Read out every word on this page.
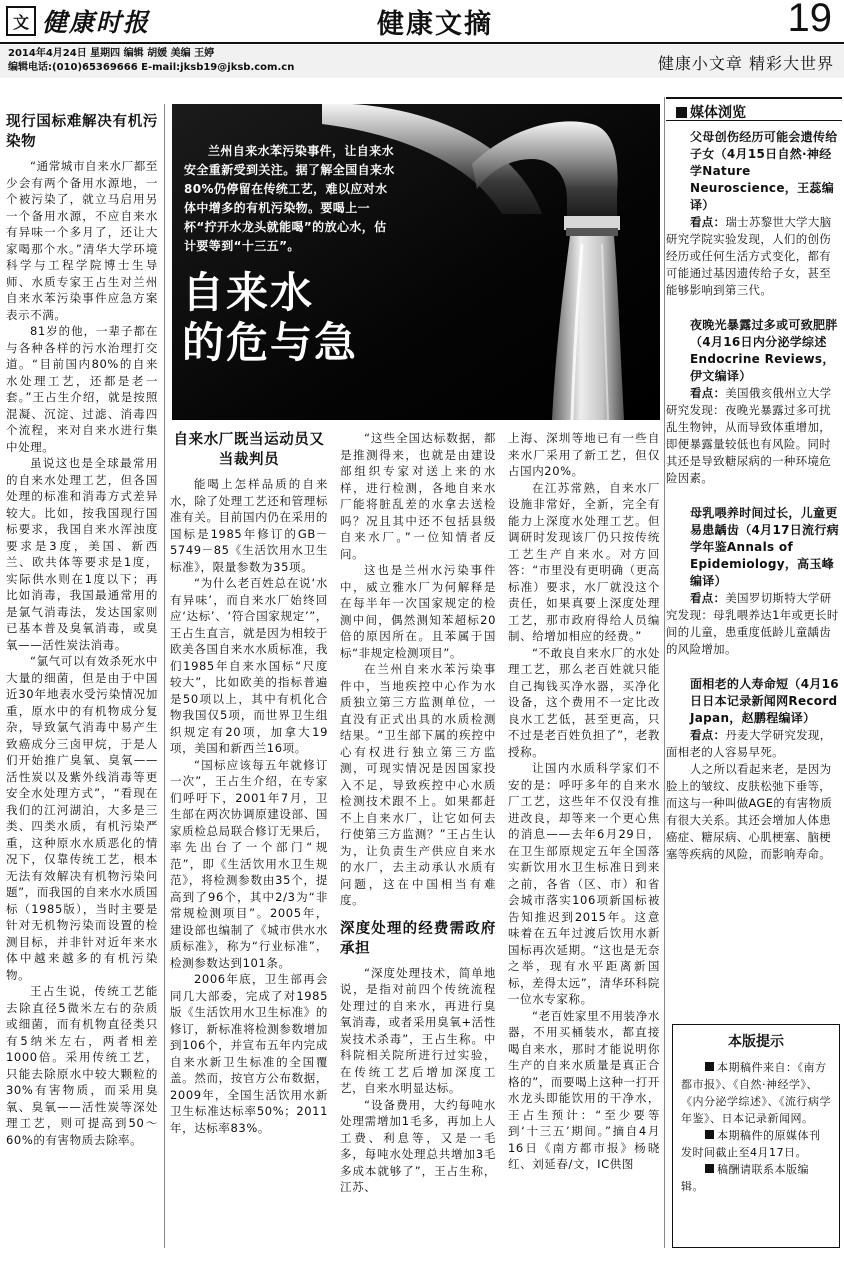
文 健康时报	健康文摘	19
2014年4月24日 星期四 编辑 胡媛 美编 王婷
编辑电话:(010)65369666 E-mail:jksb19@jksb.com.cn	健康小文章 精彩大世界
兰州自来水苯污染事件，让自来水安全重新受到关注。据了解全国自来水80%仍停留在传统工艺，难以应对水体中增多的有机污染物。要喝上一杯“拧开水龙头就能喝”的放心水，估计要等到“十三五”。
自来水
的危与急

现行国标难解决有机污染物

“通常城市自来水厂都至少会有两个备用水源地，一个被污染了，就立马启用另一个备用水源，不应自来水有异味一个多月了，还让大家喝那个水。”清华大学环境科学与工程学院博士生导师、水质专家王占生对兰州自来水苯污染事件应急方案表示不满。

81岁的他，一辈子都在与各种各样的污水治理打交道。“目前国内80%的自来水处理工艺，还都是老一套。”王占生介绍，就是按照混凝、沉淀、过滤、消毒四个流程，来对自来水进行集中处理。

虽说这也是全球最常用的自来水处理工艺，但各国处理的标准和消毒方式差异较大。比如，按我国现行国标要求，我国自来水浑浊度要求是3度，美国、新西兰、欧共体等要求是1度，实际供水则在1度以下；再比如消毒，我国最通常用的是氯气消毒法，发达国家则已基本普及臭氧消毒，或臭氧——活性炭法消毒。

“氯气可以有效杀死水中大量的细菌，但是由于中国近30年地表水受污染情况加重，原水中的有机物成分复杂，导致氯气消毒中易产生致癌成分三卤甲烷，于是人们开始推广臭氧、臭氧——活性炭以及紫外线消毒等更安全水处理方式”，“看现在我们的江河湖泊，大多是三类、四类水质，有机污染严重，这种原水水质恶化的情况下，仅靠传统工艺，根本无法有效解决有机物污染问题”，而我国的自来水水质国标（1985版），当时主要是针对无机物污染而设置的检测目标，并非针对近年来水体中越来越多的有机污染物。

王占生说，传统工艺能去除直径5微米左右的杂质或细菌，而有机物直径类只有5纳米左右，两者相差1000倍。采用传统工艺，只能去除原水中较大颗粒的30%有害物质，而采用臭氧、臭氧——活性炭等深处理工艺，则可提高到50～60%的有害物质去除率。

自来水厂既当运动员又当裁判员

能喝上怎样品质的自来水，除了处理工艺还和管理标准有关。目前国内仍在采用的国标是1985年修订的GB－5749－85《生活饮用水卫生标准》，限量参数为35项。

“为什么老百姓总在说‘水有异味’，而自来水厂始终回应‘达标’、‘符合国家规定’”，王占生直言，就是因为相较于欧美各国自来水水质标准，我们1985年自来水国标“尺度较大”，比如欧美的指标普遍是50项以上，其中有机化合物我国仅5项，而世界卫生组织规定有20项，加拿大19项，美国和新西兰16项。

“国标应该每五年就修订一次”，王占生介绍，在专家们呼吁下，2001年7月，卫生部在两次协调原建设部、国家质检总局联合修订无果后，率先出台了一个部门“规范”，即《生活饮用水卫生规范》，将检测参数由35个，提高到了96个，其中2/3为“非常规检测项目”。2005年，建设部也编制了《城市供水水质标准》，称为“行业标准”，检测参数达到101条。

2006年底，卫生部再会同几大部委，完成了对1985版《生活饮用水卫生标准》的修订，新标准将检测参数增加到106个，并宣布五年内完成自来水新卫生标准的全国覆盖。然而，按官方公布数据，2009年，全国生活饮用水新卫生标准达标率50%；2011年，达标率83%。

“这些全国达标数据，都是推测得来，也就是由建设部组织专家对送上来的水样，进行检测，各地自来水厂能将脏乱差的水拿去送检吗？况且其中还不包括县级自来水厂。”一位知情者反问。

这也是兰州水污染事件中，威立雅水厂为何解释是在每半年一次国家规定的检测中间，偶然测知苯超标20倍的原因所在。且苯属于国标“非规定检测项目”。

在兰州自来水苯污染事件中，当地疾控中心作为水质独立第三方监测单位，一直没有正式出具的水质检测结果。“卫生部下属的疾控中心有权进行独立第三方监测，可现实情况是因国家投入不足，导致疾控中心水质检测技术跟不上。如果都赶不上自来水厂，让它如何去行使第三方监测？”王占生认为，让负责生产供应自来水的水厂，去主动承认水质有问题，这在中国相当有难度。

深度处理的经费需政府承担

“深度处理技术，简单地说，是指对前四个传统流程处理过的自来水，再进行臭氧消毒，或者采用臭氧+活性炭技术杀毒”，王占生称。中科院相关院所进行过实验，在传统工艺后增加深度工艺，自来水明显达标。

“设备费用，大约每吨水处理需增加1毛多，再加上人工费、利息等，又是一毛多，每吨水处理总共增加3毛多成本就够了”，王占生称，江苏、

上海、深圳等地已有一些自来水厂采用了新工艺，但仅占国内20%。

在江苏常熟，自来水厂设施非常好，全新，完全有能力上深度水处理工艺。但调研时发现该厂仍只按传统工艺生产自来水。对方回答：“市里没有更明确（更高标准）要求，水厂就没这个责任，如果真要上深度处理工艺，那市政府得给人员编制、给增加相应的经费。”

“不敢良自来水厂的水处理工艺，那么老百姓就只能自己掏钱买净水器，买净化设备，这个费用不一定比改良水工艺低，甚至更高，只不过是老百姓负担了”，老教授称。

让国内水质科学家们不安的是：呼吁多年的自来水厂工艺，这些年不仅没有推进改良，却等来一个更心焦的消息——去年6月29日，在卫生部原规定五年全国落实新饮用水卫生标准日到来之前，各省（区、市）和省会城市落实106项新国标被告知推迟到2015年。这意味着在五年过渡后饮用水新国标再次延期。“这也是无奈之举，现有水平距离新国标，差得太远”，清华环科院一位水专家称。

“老百姓家里不用装净水器，不用买桶装水，都直接喝自来水，那时才能说明你生产的自来水质量是真正合格的”，而要喝上这种一打开水龙头即能饮用的干净水，王占生预计：“至少要等到‘十三五’期间。”摘自4月16日《南方都市报》杨晓红、刘延春/文，IC供图

媒体浏览
父母创伤经历可能会遗传给子女（4月15日自然·神经学Nature Neuroscience，王蕊编译）
看点：瑞士苏黎世大学大脑研究学院实验发现，人们的创伤经历或任何生活方式变化，都有可能通过基因遗传给子女，甚至能够影响到第三代。
夜晚光暴露过多或可致肥胖（4月16日内分泌学综述Endocrine Reviews，伊文编译）
看点：美国俄亥俄州立大学研究发现：夜晚光暴露过多可扰乱生物钟，从而导致体重增加，即便暴露量较低也有风险。同时其还是导致糖尿病的一种环境危险因素。
母乳喂养时间过长，儿童更易患龋齿（4月17日流行病学年鉴Annals of Epidemiology，高玉峰编译）
看点：美国罗切斯特大学研究发现：母乳喂养达1年或更长时间的儿童，患重度低龄儿童龋齿的风险增加。
面相老的人寿命短（4月16日日本记录新闻网Record Japan，赵鹏程编译）
看点：丹麦大学研究发现，面相老的人容易早死。
人之所以看起来老，是因为脸上的皱纹、皮肤松弛下垂等，而这与一种叫做AGE的有害物质有很大关系。其还会增加人体患癌症、糖尿病、心肌梗塞、脑梗塞等疾病的风险，而影响寿命。
本版提示

本期稿件来自：《南方都市报》、《自然·神经学》、《内分泌学综述》、《流行病学年鉴》、日本记录新闻网。

本期稿件的原媒体刊发时间截止至4月17日。

稿酬请联系本版编辑。
